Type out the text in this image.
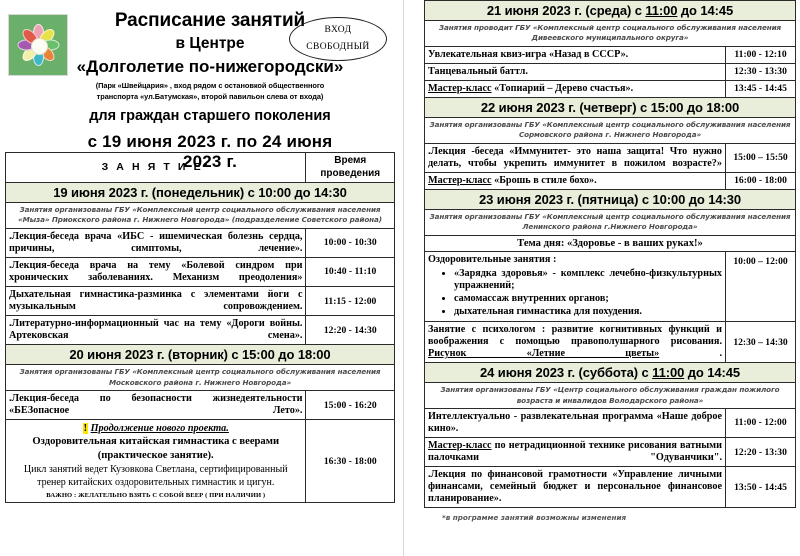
Расписание занятий
в Центре
«Долголетие по-нижегородски»
(Парк «Швейцария» , вход рядом с остановкой общественного транспорта «ул.Батумская», второй павильон слева от входа)
для граждан старшего поколения
с 19 июня 2023 г. по 24 июня 2023 г.
ВХОД
СВОБОДНЫЙ
З А Н Я Т И Е*	Время
проведения
19 июня 2023 г. (понедельник) с 10:00 до 14:30	
Занятия организованы ГБУ «Комплексный центр социального обслуживания населения «Мыза» Приокского района г. Нижнего Новгорода» (подразделение Советского района)	
.Лекция-беседа врача «ИБС - ишемическая болезнь сердца, причины, симптомы, лечение».	10:00 - 10:30
.Лекция-беседа врача на тему «Болевой синдром при хронических заболеваниях. Механизм преодоления»	10:40 - 11:10
Дыхательная гимнастика-разминка с элементами йоги с музыкальным сопровождением.	11:15 - 12:00
.Литературно-информационный час на тему «Дороги войны. Артековская смена».	12:20 - 14:30
20 июня 2023 г. (вторник) с 15:00 до 18:00	
Занятия организованы ГБУ «Комплексный центр социального обслуживания населения Московского района г. Нижнего Новгорода»	
.Лекция-беседа по безопасности жизнедеятельности «БЕЗопасное Лето».	15:00 - 16:20

! Продолжение нового проекта.
Оздоровительная китайская гимнастика с веерами
(практическое занятие).
Цикл занятий ведет Кузовкова Светлана, сертифицированный
тренер китайских оздоровительных гимнастик и цигун.
ВАЖНО : ЖЕЛАТЕЛЬНО ВЗЯТЬ С СОБОЙ ВЕЕР ( ПРИ НАЛИЧИИ )
	16:30 - 18:00
21 июня 2023 г. (среда) с 11:00 до 14:45	
Занятия проводит ГБУ «Комплексный центр социального обслуживания населения Дивеевского муниципального округа»	
Увлекательная квиз-игра «Назад в СССР».	11:00 - 12:10
Танцевальный баттл.	12:30 - 13:30
Мастер-класс «Топиарий – Дерево счастья».	13:45 - 14:45
22 июня 2023 г. (четверг) с 15:00 до 18:00	
Занятия организованы ГБУ «Комплексный центр социального обслуживания населения Сормовского района г. Нижнего Новгорода»	
.Лекция -беседа «Иммунитет- это наша защита! Что нужно делать, чтобы укрепить иммунитет в пожилом возрасте?»	15:00 – 15:50
Мастер-класс «Брошь в стиле бохо».	16:00 - 18:00
23 июня 2023 г. (пятница) с 10:00 до 14:30	
Занятия организованы ГБУ «Комплексный центр социального обслуживания населения Ленинского района г.Нижнего Новгорода»	
Тема дня: «Здоровье - в ваших руках!»	

Оздоровительные занятия :
• «Зарядка здоровья» - комплекс лечебно-физкультурных упражнений;
• самомассаж внутренних органов;
• дыхательная гимнастика для похудения.
	10:00 – 12:00
Занятие с психологом : развитие когнитивных функций и воображения с помощью правополушарного рисования. Рисунок «Летние цветы» .	12:30 – 14:30
24 июня 2023 г. (суббота) с 11:00 до 14:45	
Занятия организованы ГБУ «Центр социального обслуживания граждан пожилого возраста и инвалидов Володарского района»	
Интеллектуально - развлекательная программа «Наше доброе кино».	11:00 - 12:00
Мастер-класс по нетрадиционной технике рисования ватными палочками "Одуванчики".	12:20 - 13:30
.Лекция по финансовой грамотности «Управление личными финансами, семейный бюджет и персональное финансовое планирование».	13:50 - 14:45
*в программе занятий возможны изменения
